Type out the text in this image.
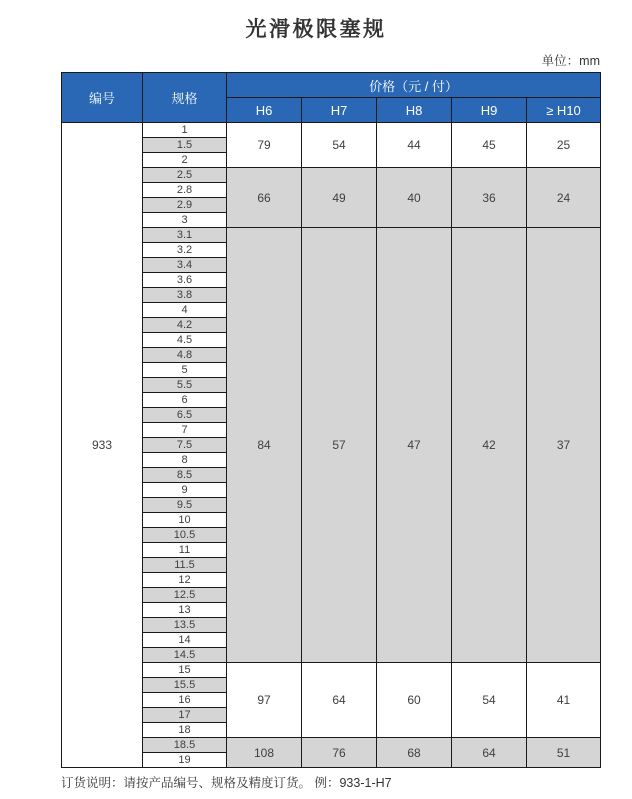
光滑极限塞规
单位：mm
编号	规格	价格（元 / 付）				
		H6	H7	H8	H9	≥ H10
933	1	79	54	44	45	25
	1.5					
	2					
	2.5	66	49	40	36	24
	2.8					
	2.9					
	3					
	3.1	84	57	47	42	37
	3.2					
	3.4					
	3.6					
	3.8					
	4					
	4.2					
	4.5					
	4.8					
	5					
	5.5					
	6					
	6.5					
	7					
	7.5					
	8					
	8.5					
	9					
	9.5					
	10					
	10.5					
	11					
	11.5					
	12					
	12.5					
	13					
	13.5					
	14					
	14.5					
	15	97	64	60	54	41
	15.5					
	16					
	17					
	18					
	18.5	108	76	68	64	51
	19					
订货说明：请按产品编号、规格及精度订货。 例：933-1-H7
